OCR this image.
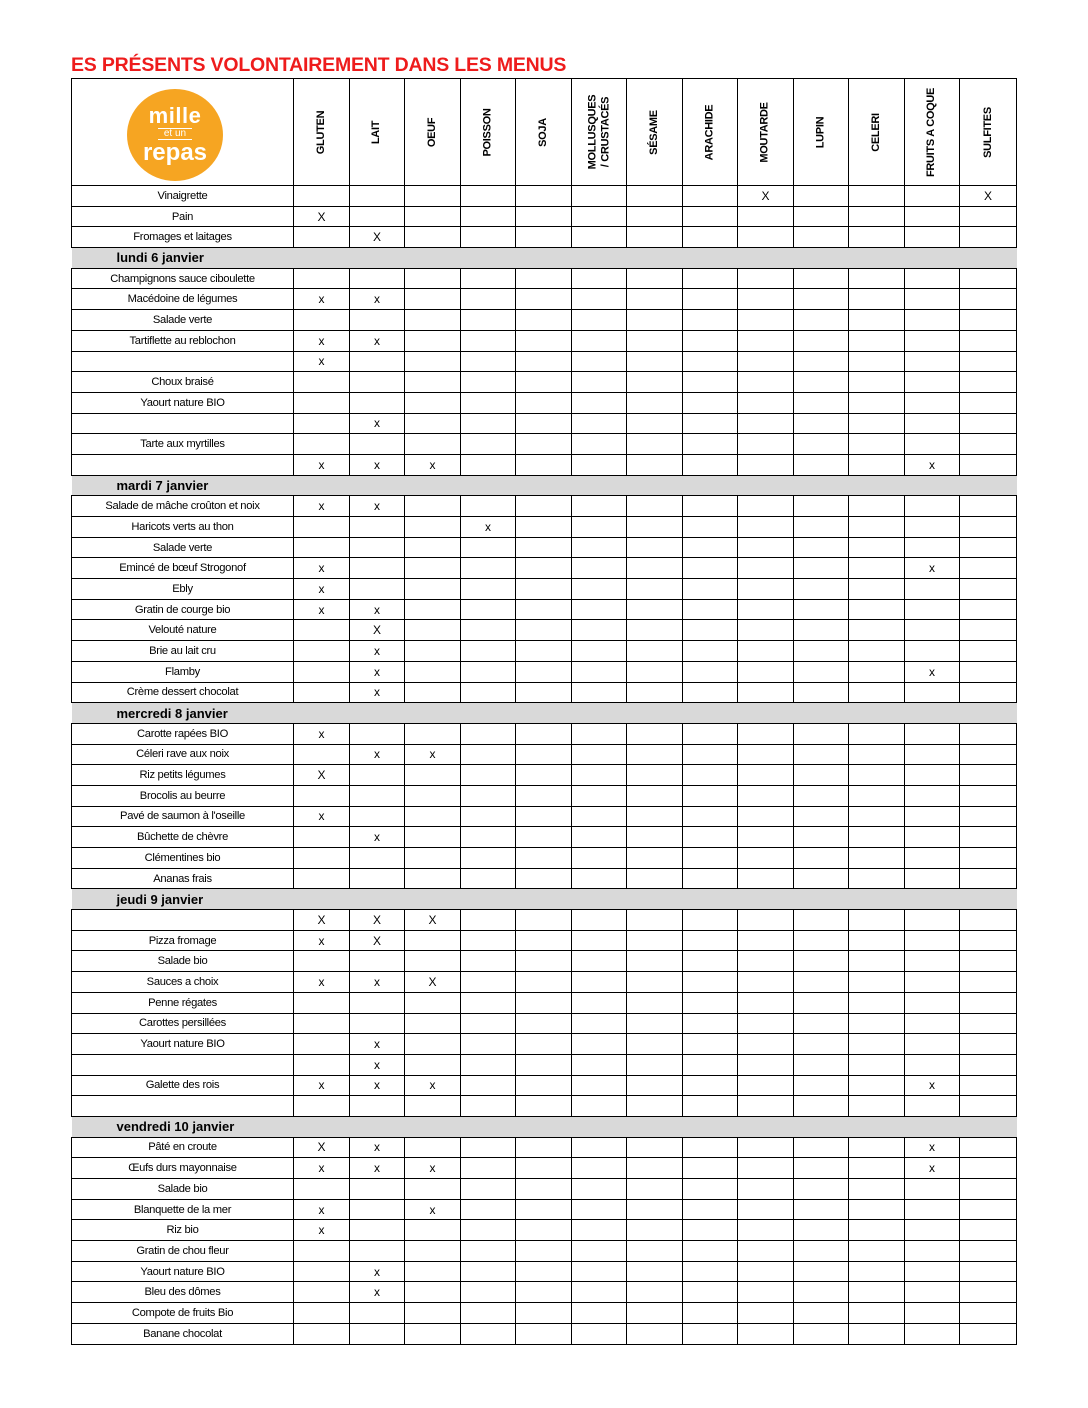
ES PRÉSENTS VOLONTAIREMENT DANS LES MENUS
mille
et un
repas	GLUTEN	LAIT	OEUF	POISSON	SOJA	MOLLUSQUES / CRUSTACÉS	SÉSAME	ARACHIDE	MOUTARDE	LUPIN	CELERI	FRUITS A COQUE	SULFITES

Vinaigrette									X				X
Pain	X												
Fromages et laitages		X											
lundi 6 janvier													
Champignons sauce ciboulette													
Macédoine de légumes	x	x											
Salade verte													
Tartiflette au reblochon	x	x											
	x												
Choux braisé													
Yaourt nature BIO													
		x											
Tarte aux myrtilles													
	x	x	x									x	
mardi 7 janvier													
Salade de mâche croûton et noix	x	x											
Haricots verts au thon				x									
Salade verte													
Emincé de bœuf Strogonof	x											x	
Ebly	x												
Gratin de courge bio	x	x											
Velouté nature		X											
Brie au lait cru		x											
Flamby		x										x	
Crème dessert chocolat		x											
mercredi 8 janvier													
Carotte rapées BIO	x												
Céleri rave aux noix		x	x										
Riz petits légumes	X												
Brocolis au beurre													
Pavé de saumon à l'oseille	x												
Bûchette de chèvre		x											
Clémentines bio													
Ananas frais													
jeudi 9 janvier													
	X	X	X										
Pizza fromage	x	X											
Salade bio													
Sauces a choix	x	x	X										
Penne régates													
Carottes persillées													
Yaourt nature BIO		x											
		x											
Galette des rois	x	x	x									x	

vendredi 10 janvier													
Pâté en croute	X	x										x	
Œufs durs mayonnaise	x	x	x									x	
Salade bio													
Blanquette de la mer	x		x										
Riz bio	x												
Gratin de chou fleur													
Yaourt nature BIO		x											
Bleu des dômes		x											
Compote de fruits Bio													
Banane chocolat													
